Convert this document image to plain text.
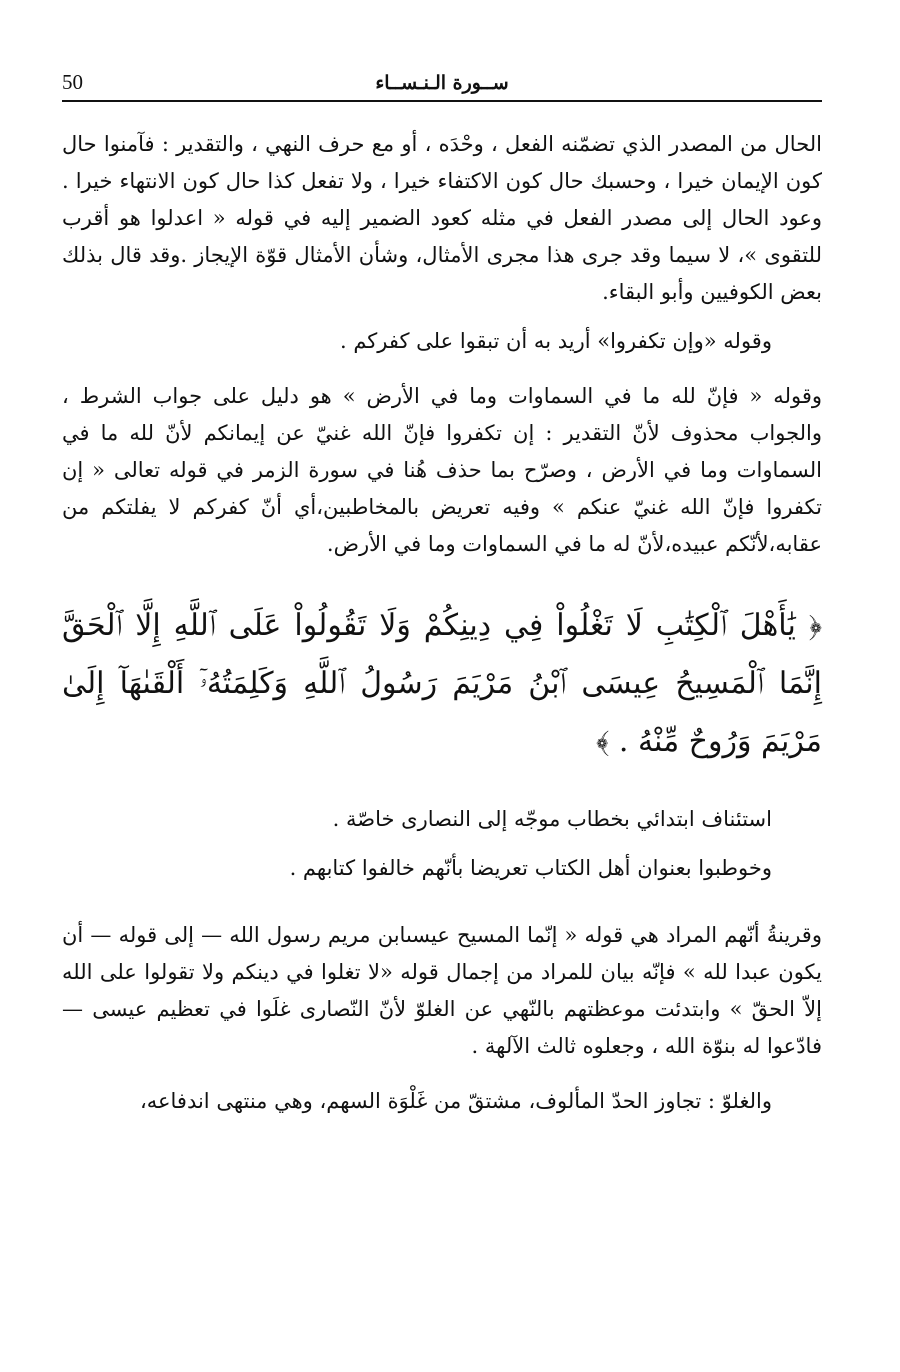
50	ســورة الـنـســاء

الحال من المصدر الذي تضمّنه الفعل ، وحْدَه ، أو مع حرف النهي ، والتقدير : فآمنوا حال كون الإيمان خيرا ، وحسبك حال كون الاكتفاء خيرا ، ولا تفعل كذا حال كون الانتهاء خيرا . وعود الحال إلى مصدر الفعل في مثله كعود الضمير إليه في قوله « اعدلوا هو أقرب للتقوى »، لا سيما وقد جرى هذا مجرى الأمثال، وشأن الأمثال قوّة الإيجاز .وقد قال بذلك بعض الكوفيين وأبو البقاء.

وقوله «وإن تكفروا» أريد به أن تبقوا على كفركم .

وقوله « فإنّ لله ما في السماوات وما في الأرض » هو دليل على جواب الشرط ، والجواب محذوف لأنّ التقدير : إن تكفروا فإنّ الله غنيّ عن إيمانكم لأنّ لله ما في السماوات وما في الأرض ، وصرّح بما حذف هُنا في سورة الزمر في قوله تعالى « إن تكفروا فإنّ الله غنيّ عنكم » وفيه تعريض بالمخاطبين،أي أنّ كفركم لا يفلتكم من عقابه،لأنّكم عبيده،لأنّ له ما في السماوات وما في الأرض.

﴿ يَٰأَهْلَ ٱلْكِتَٰبِ لَا تَغْلُواْ فِي دِينِكُمْ وَلَا تَقُولُواْ عَلَى ٱللَّهِ إِلَّا ٱلْحَقَّ إِنَّمَا ٱلْمَسِيحُ عِيسَى ٱبْنُ مَرْيَمَ رَسُولُ ٱللَّهِ وَكَلِمَتُهُۥٓ أَلْقَىٰهَآ إِلَىٰ مَرْيَمَ وَرُوحٌ مِّنْهُ . ﴾

استئناف ابتدائي بخطاب موجّه إلى النصارى خاصّة .

وخوطبوا بعنوان أهل الكتاب تعريضا بأنّهم خالفوا كتابهم .

وقرينةُ أنّهم المراد هي قوله « إنّما المسيح عيسىابن مريم رسول الله — إلى قوله — أن يكون عبدا لله » فإنّه بيان للمراد من إجمال قوله «لا تغلوا في دينكم ولا تقولوا على الله إلاّ الحقّ » وابتدئت موعظتهم بالنّهي عن الغلوّ لأنّ النّصارى غلَوا في تعظيم عيسى — فادّعوا له بنوّة الله ، وجعلوه ثالث الآلهة .

والغلوّ : تجاوز الحدّ المألوف، مشتقّ من غَلْوَة السهم، وهي منتهى اندفاعه،
